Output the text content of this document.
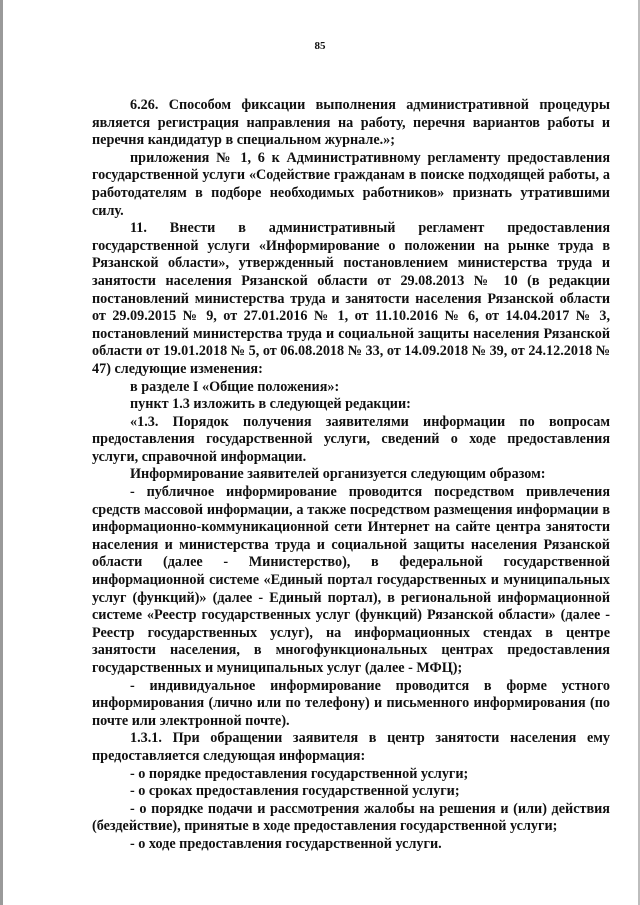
85

6.26. Способом фиксации выполнения административной процедуры является регистрация направления на работу, перечня вариантов работы и перечня кандидатур в специальном журнале.»;

приложения № 1, 6 к Административному регламенту предоставления государственной услуги «Содействие гражданам в поиске подходящей работы, а работодателям в подборе необходимых работников» признать утратившими силу.

11. Внести в административный регламент предоставления государственной услуги «Информирование о положении на рынке труда в Рязанской области», утвержденный постановлением министерства труда и занятости населения Рязанской области от 29.08.2013 № 10 (в редакции постановлений министерства труда и занятости населения Рязанской области от 29.09.2015 № 9, от 27.01.2016 № 1, от 11.10.2016 № 6, от 14.04.2017 № 3, постановлений министерства труда и социальной защиты населения Рязанской области от 19.01.2018 № 5, от 06.08.2018 № 33, от 14.09.2018 № 39, от 24.12.2018 № 47) следующие изменения:

в разделе I «Общие положения»:

пункт 1.3 изложить в следующей редакции:

«1.3. Порядок получения заявителями информации по вопросам предоставления государственной услуги, сведений о ходе предоставления услуги, справочной информации.

Информирование заявителей организуется следующим образом:

- публичное информирование проводится посредством привлечения средств массовой информации, а также посредством размещения информации в информационно-коммуникационной сети Интернет на сайте центра занятости населения и министерства труда и социальной защиты населения Рязанской области (далее - Министерство), в федеральной государственной информационной системе «Единый портал государственных и муниципальных услуг (функций)» (далее - Единый портал), в региональной информационной системе «Реестр государственных услуг (функций) Рязанской области» (далее - Реестр государственных услуг), на информационных стендах в центре занятости населения, в многофункциональных центрах предоставления государственных и муниципальных услуг (далее - МФЦ);

- индивидуальное информирование проводится в форме устного информирования (лично или по телефону) и письменного информирования (по почте или электронной почте).

1.3.1. При обращении заявителя в центр занятости населения ему предоставляется следующая информация:

- о порядке предоставления государственной услуги;

- о сроках предоставления государственной услуги;

- о порядке подачи и рассмотрения жалобы на решения и (или) действия (бездействие), принятые в ходе предоставления государственной услуги;

- о ходе предоставления государственной услуги.
